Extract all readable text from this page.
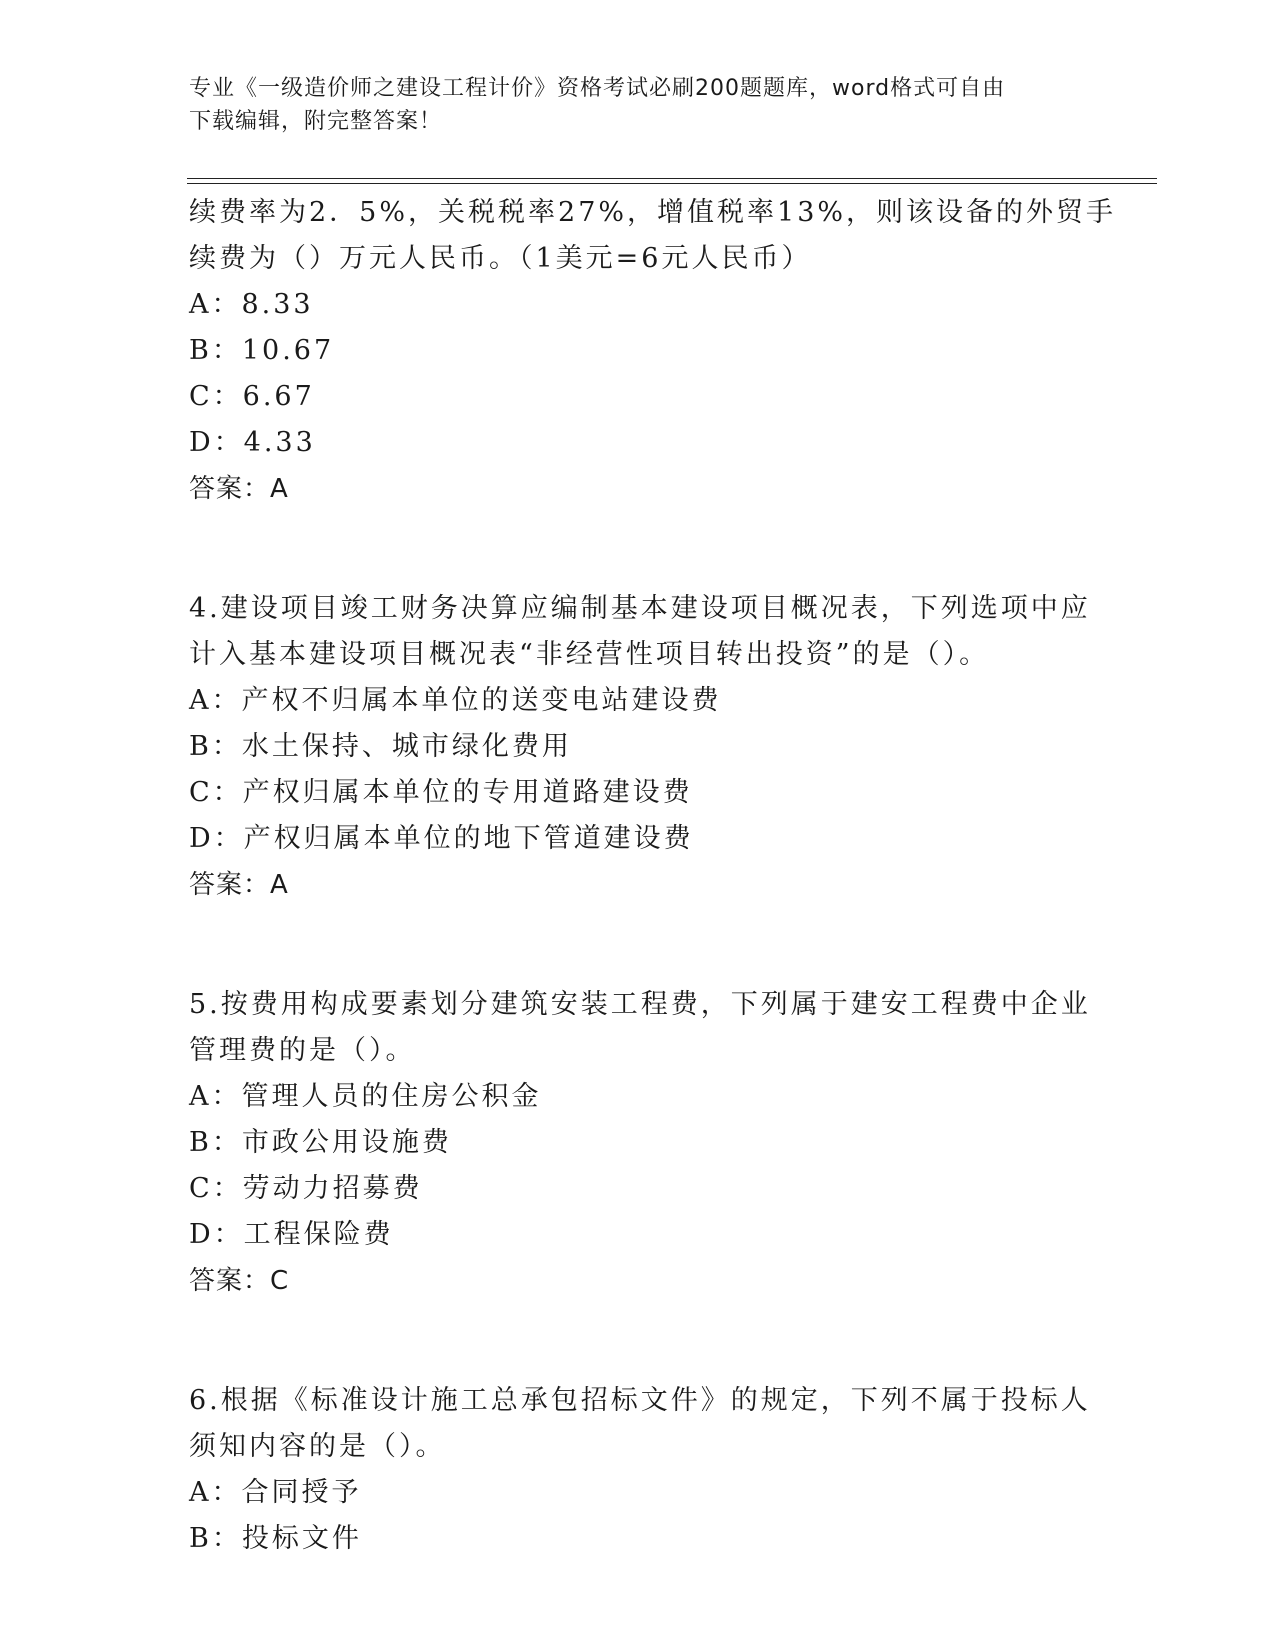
专业《一级造价师之建设工程计价》资格考试必刷200题题库，word格式可自由
下载编辑，附完整答案！
续费率为2．5%，关税税率27%，增值税率13%，则该设备的外贸手
续费为（）万元人民币。（1美元=6元人民币）
A：8.33
B：10.67
C：6.67
D：4.33
答案：A
4.建设项目竣工财务决算应编制基本建设项目概况表，下列选项中应
计入基本建设项目概况表“非经营性项目转出投资”的是（）。
A：产权不归属本单位的送变电站建设费
B：水土保持、城市绿化费用
C：产权归属本单位的专用道路建设费
D：产权归属本单位的地下管道建设费
答案：A
5.按费用构成要素划分建筑安装工程费，下列属于建安工程费中企业
管理费的是（）。
A：管理人员的住房公积金
B：市政公用设施费
C：劳动力招募费
D：工程保险费
答案：C
6.根据《标准设计施工总承包招标文件》的规定，下列不属于投标人
须知内容的是（）。
A：合同授予
B：投标文件
